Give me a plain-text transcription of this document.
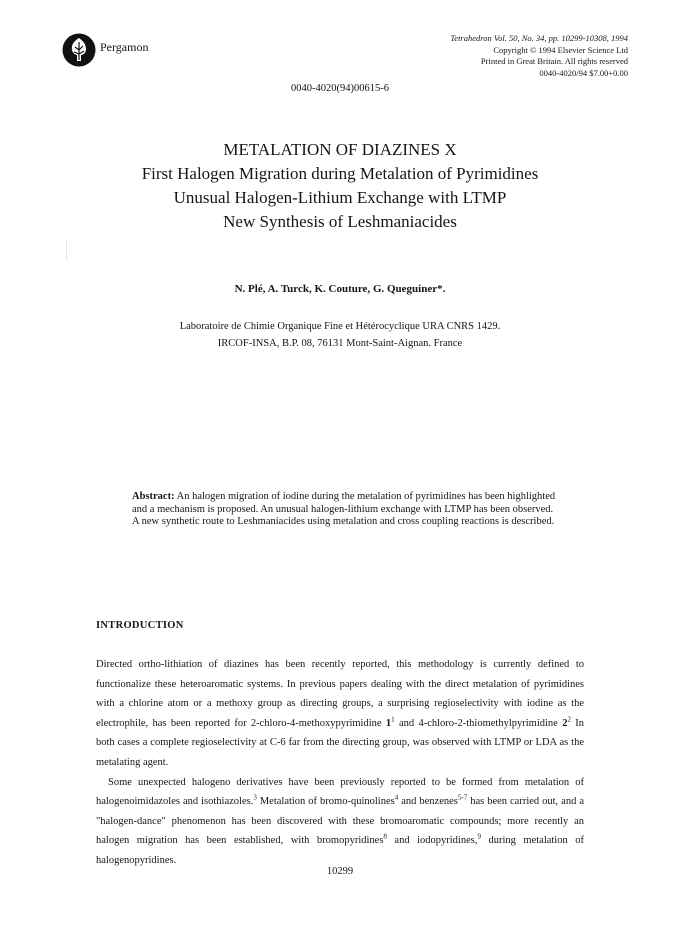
Pergamon
Tetrahedron Vol. 50, No. 34, pp. 10299-10308, 1994
Copyright © 1994 Elsevier Science Ltd
Printed in Great Britain. All rights reserved
0040-4020/94 $7.00+0.00
0040-4020(94)00615-6
METALATION OF DIAZINES X
First Halogen Migration during Metalation of Pyrimidines
Unusual Halogen-Lithium Exchange with LTMP
New Synthesis of Leshmaniacides
N. Plé, A. Turck, K. Couture, G. Queguiner*.
Laboratoire de Chimie Organique Fine et Hétérocyclique URA CNRS 1429.
IRCOF-INSA, B.P. 08, 76131 Mont-Saint-Aignan. France
Abstract: An halogen migration of iodine during the metalation of pyrimidines has been highlighted and a mechanism is proposed. An unusual halogen-lithium exchange with LTMP has been observed. A new synthetic route to Leshmaniacides using metalation and cross coupling reactions is described.
INTRODUCTION

Directed ortho-lithiation of diazines has been recently reported, this methodology is currently defined to functionalize these heteroaromatic systems. In previous papers dealing with the direct metalation of pyrimidines with a chlorine atom or a methoxy group as directing groups, a surprising regioselectivity with iodine as the electrophile, has been reported for 2-chloro-4-methoxypyrimidine $1^1$ and 4-chloro-2-thiomethylpyrimidine $2^2$ In both cases a complete regioselectivity at C-6 far from the directing group, was observed with LTMP or LDA as the metalating agent.

Some unexpected halogeno derivatives have been previously reported to be formed from metalation of halogenoimidazoles and isothiazoles.$^3$ Metalation of bromo-quinolines$^4$ and benzenes$^{5-7}$ has been carried out, and a "halogen-dance" phenomenon has been discovered with these bromoaromatic compounds; more recently an halogen migration has been established, with bromopyridines$^8$ and iodopyridines,$^9$ during metalation of halogenopyridines.

10299
